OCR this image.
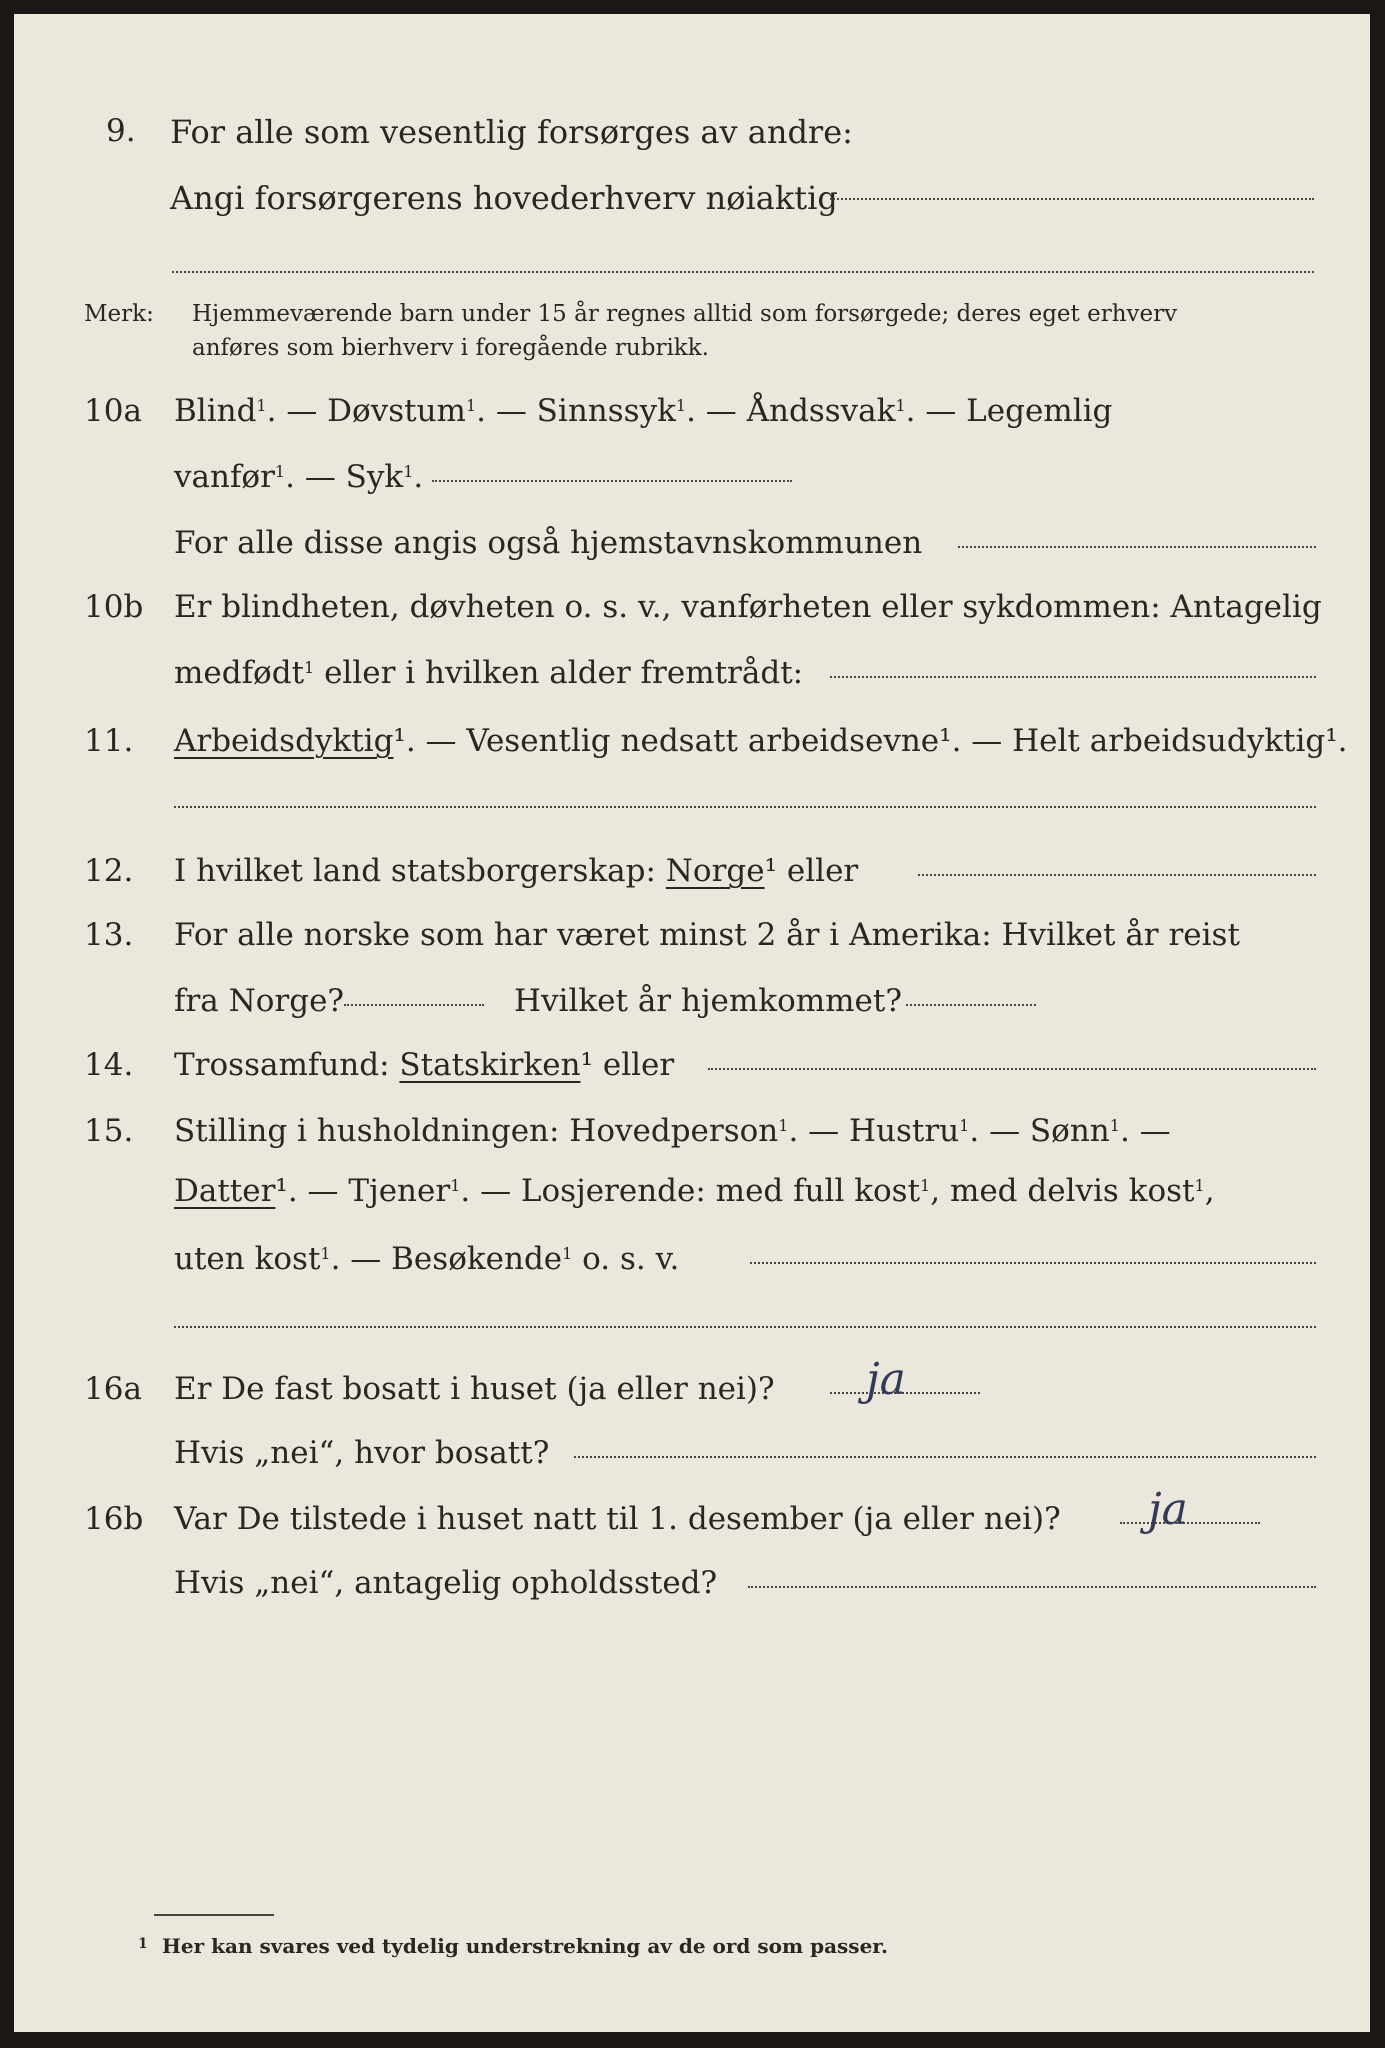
9. For alle som vesentlig forsørges av andre:
Angi forsørgerens hovederhverv nøiaktig
Merk: Hjemmeværende barn under 15 år regnes alltid som forsørgede; deres eget erhverv
anføres som bierhverv i foregående rubrikk.
10a Blind$^1$. — Døvstum$^1$. — Sinnssyk$^1$. — Åndssvak$^1$. — Legemlig
vanfør$^1$. — Syk$^1$.
For alle disse angis også hjemstavnskommunen
10b Er blindheten, døvheten o. s. v., vanførheten eller sykdommen: Antagelig
medfødt$^1$ eller i hvilken alder fremtrådt:
11. Arbeidsdyktig¹. — Vesentlig nedsatt arbeidsevne¹. — Helt arbeidsudyktig¹.
12. I hvilket land statsborgerskap: Norge¹ eller
13. For alle norske som har været minst 2 år i Amerika: Hvilket år reist
fra Norge?	Hvilket år hjemkommet?
14. Trossamfund: Statskirken¹ eller
15. Stilling i husholdningen: Hovedperson$^1$. — Hustru$^1$. — Sønn$^1$. —
Datter¹. — Tjener$^1$. — Losjerende: med full kost$^1$, med delvis kost$^1$,
uten kost$^1$. — Besøkende$^1$ o. s. v.
16a Er De fast bosatt i huset (ja eller nei)? ja
Hvis „nei“, hvor bosatt?
16b Var De tilstede i huset natt til 1. desember (ja eller nei)? ja
Hvis „nei“, antagelig opholdssted?
1 Her kan svares ved tydelig understrekning av de ord som passer.
